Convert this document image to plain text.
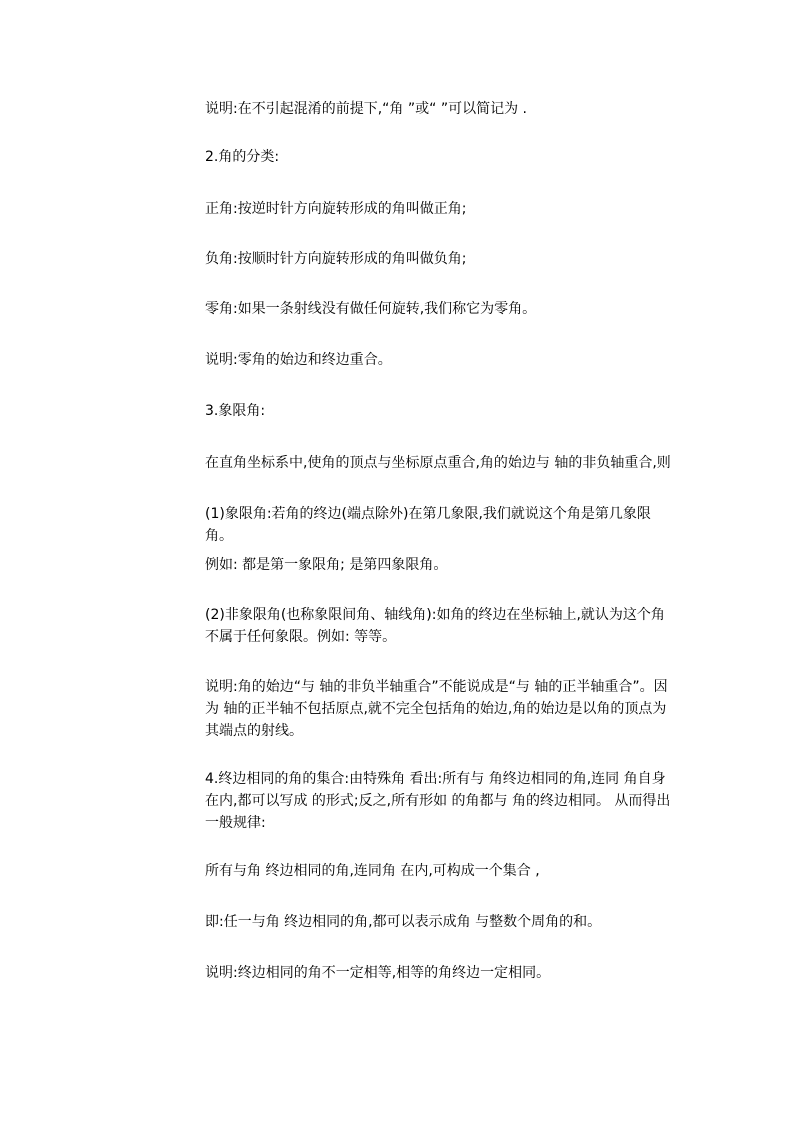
说明:在不引起混淆的前提下,“角 ”或“ ”可以简记为 .
2.角的分类:
正角:按逆时针方向旋转形成的角叫做正角;
负角:按顺时针方向旋转形成的角叫做负角;
零角:如果一条射线没有做任何旋转,我们称它为零角。
说明:零角的始边和终边重合。
3.象限角:
在直角坐标系中,使角的顶点与坐标原点重合,角的始边与 轴的非负轴重合,则
(1)象限角:若角的终边(端点除外)在第几象限,我们就说这个角是第几象限角。
例如: 都是第一象限角; 是第四象限角。
(2)非象限角(也称象限间角、轴线角):如角的终边在坐标轴上,就认为这个角不属于任何象限。例如: 等等。
说明:角的始边“与 轴的非负半轴重合”不能说成是“与 轴的正半轴重合”。因为 轴的正半轴不包括原点,就不完全包括角的始边,角的始边是以角的顶点为其端点的射线。
4.终边相同的角的集合:由特殊角 看出:所有与 角终边相同的角,连同 角自身在内,都可以写成 的形式;反之,所有形如 的角都与 角的终边相同。 从而得出一般规律:
所有与角 终边相同的角,连同角 在内,可构成一个集合 ,
即:任一与角 终边相同的角,都可以表示成角 与整数个周角的和。
说明:终边相同的角不一定相等,相等的角终边一定相同。
